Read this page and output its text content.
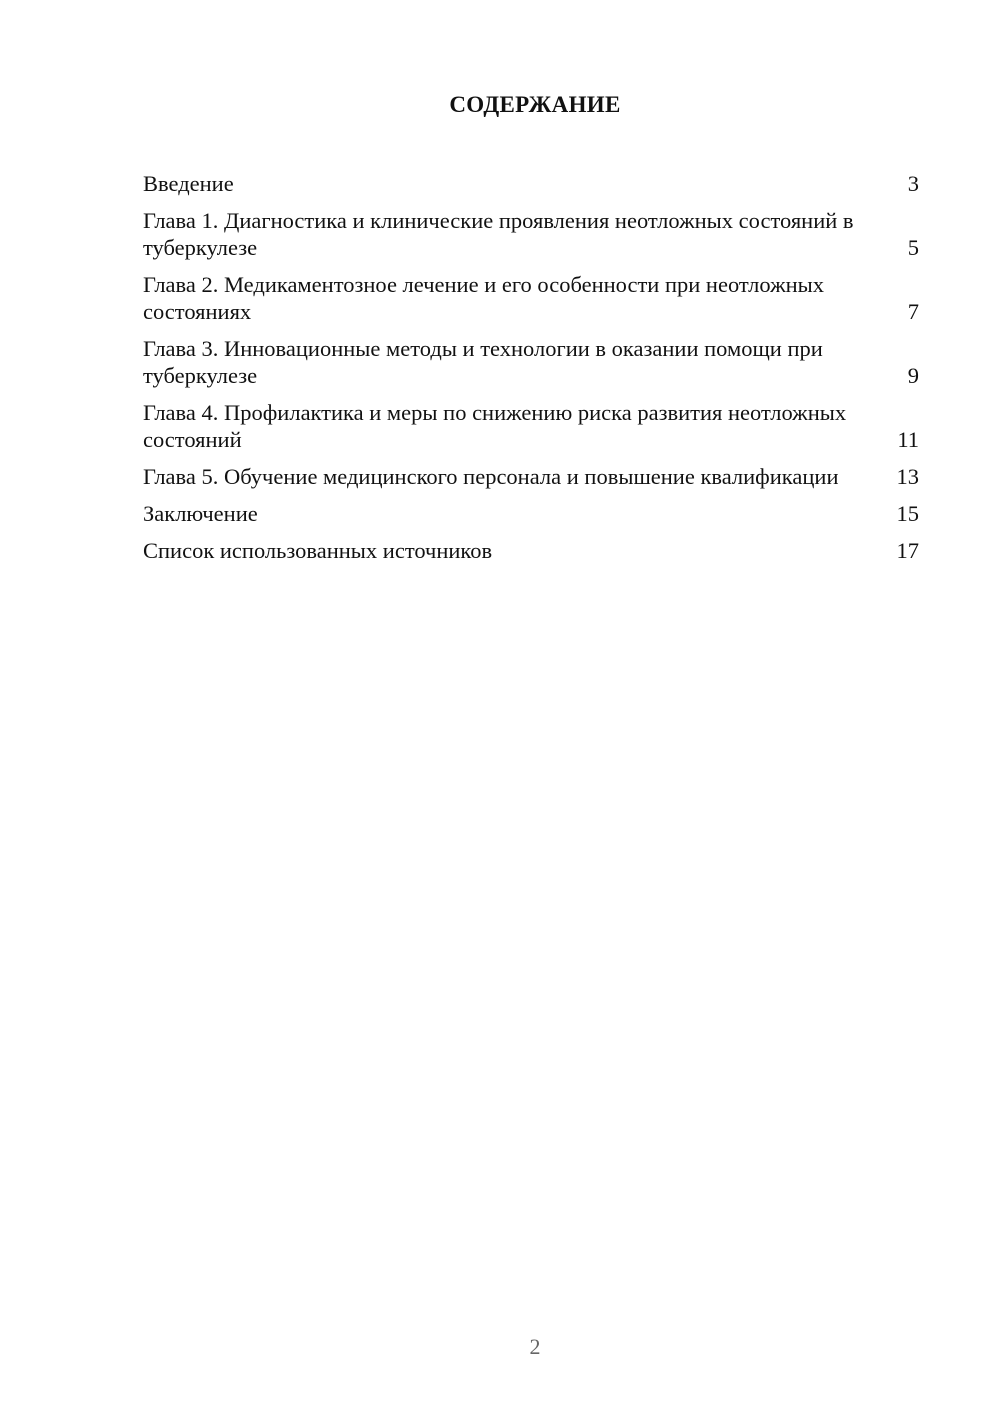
СОДЕРЖАНИЕ
Введение	3
Глава 1. Диагностика и клинические проявления неотложных состояний в туберкулезе	5
Глава 2. Медикаментозное лечение и его особенности при неотложных состояниях	7
Глава 3. Инновационные методы и технологии в оказании помощи при туберкулезе	9
Глава 4. Профилактика и меры по снижению риска развития неотложных состояний	11
Глава 5. Обучение медицинского персонала и повышение квалификации	13
Заключение	15
Список использованных источников	17
2
